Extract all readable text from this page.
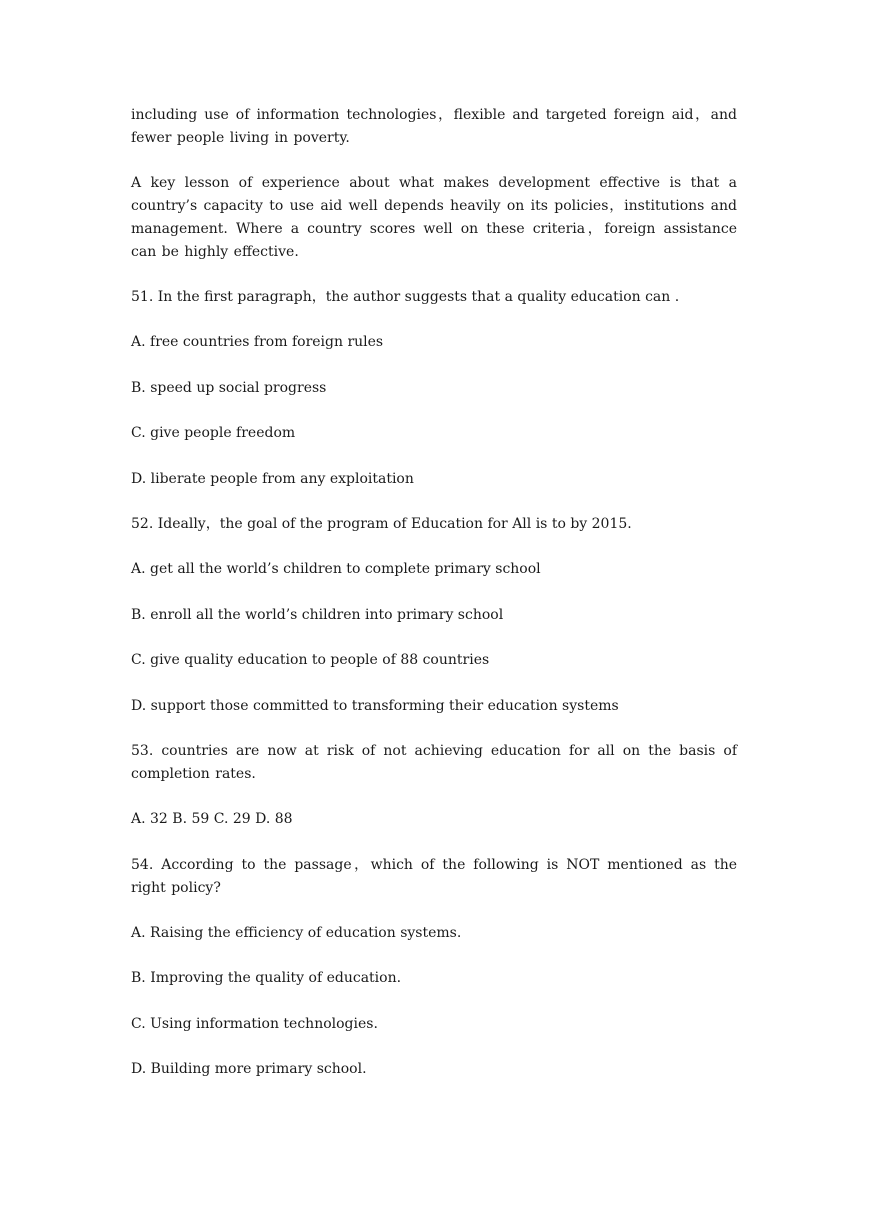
including use of information technologies，flexible and targeted foreign aid，and fewer people living in poverty.

A key lesson of experience about what makes development effective is that a country’s capacity to use aid well depends heavily on its policies，institutions and management. Where a country scores well on these criteria，foreign assistance can be highly effective.

51. In the first paragraph，the author suggests that a quality education can .

A. free countries from foreign rules

B. speed up social progress

C. give people freedom

D. liberate people from any exploitation

52. Ideally，the goal of the program of Education for All is to by 2015.

A. get all the world’s children to complete primary school

B. enroll all the world’s children into primary school

C. give quality education to people of 88 countries

D. support those committed to transforming their education systems

53. countries are now at risk of not achieving education for all on the basis of completion rates.

A. 32 B. 59 C. 29 D. 88

54. According to the passage，which of the following is NOT mentioned as the right policy?

A. Raising the efficiency of education systems.

B. Improving the quality of education.

C. Using information technologies.

D. Building more primary school.
